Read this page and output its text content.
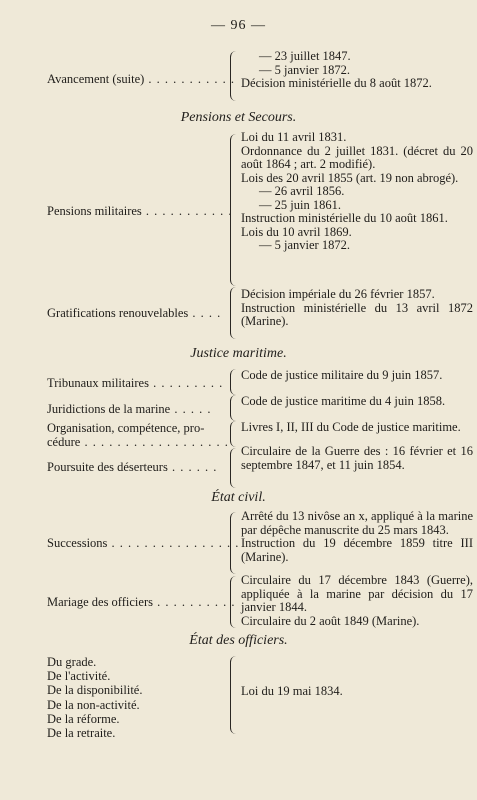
— 96 —
Avancement (suite) . . . . . . . . . . .
— 23 juillet 1847.
— 5 janvier 1872.
Décision ministérielle du 8 août 1872.
Pensions et Secours.
Pensions militaires . . . . . . . . . . .
Loi du 11 avril 1831.
Ordonnance du 2 juillet 1831. (décret du 20 août 1864 ; art. 2 modifié).
Lois des 20 avril 1855 (art. 19 non abrogé).
— 26 avril 1856.
— 25 juin 1861.
Instruction ministérielle du 10 août 1861.
Lois du 10 avril 1869.
— 5 janvier 1872.
Gratifications renouvelables . . . .
Décision impériale du 26 février 1857.
Instruction ministérielle du 13 avril 1872 (Marine).
Justice maritime.
Tribunaux militaires . . . . . . . . .
Code de justice militaire du 9 juin 1857.
Juridictions de la marine . . . . .
Code de justice maritime du 4 juin 1858.
Organisation, compétence, pro-
cédure . . . . . . . . . . . . . . . . . .
Livres I, II, III du Code de justice maritime.
Poursuite des déserteurs . . . . . .
Circulaire de la Guerre des : 16 février et 16 septembre 1847, et 11 juin 1854.
État civil.
Successions . . . . . . . . . . . . . . . .
Arrêté du 13 nivôse an x, appliqué à la marine par dépêche manuscrite du 25 mars 1843.
Instruction du 19 décembre 1859 titre III (Marine).
Mariage des officiers . . . . . . . . . .
Circulaire du 17 décembre 1843 (Guerre), appliquée à la marine par décision du 17 janvier 1844.
Circulaire du 2 août 1849 (Marine).
État des officiers.
Du grade.
De l'activité.
De la disponibilité.
De la non-activité.
De la réforme.
De la retraite.
Loi du 19 mai 1834.
